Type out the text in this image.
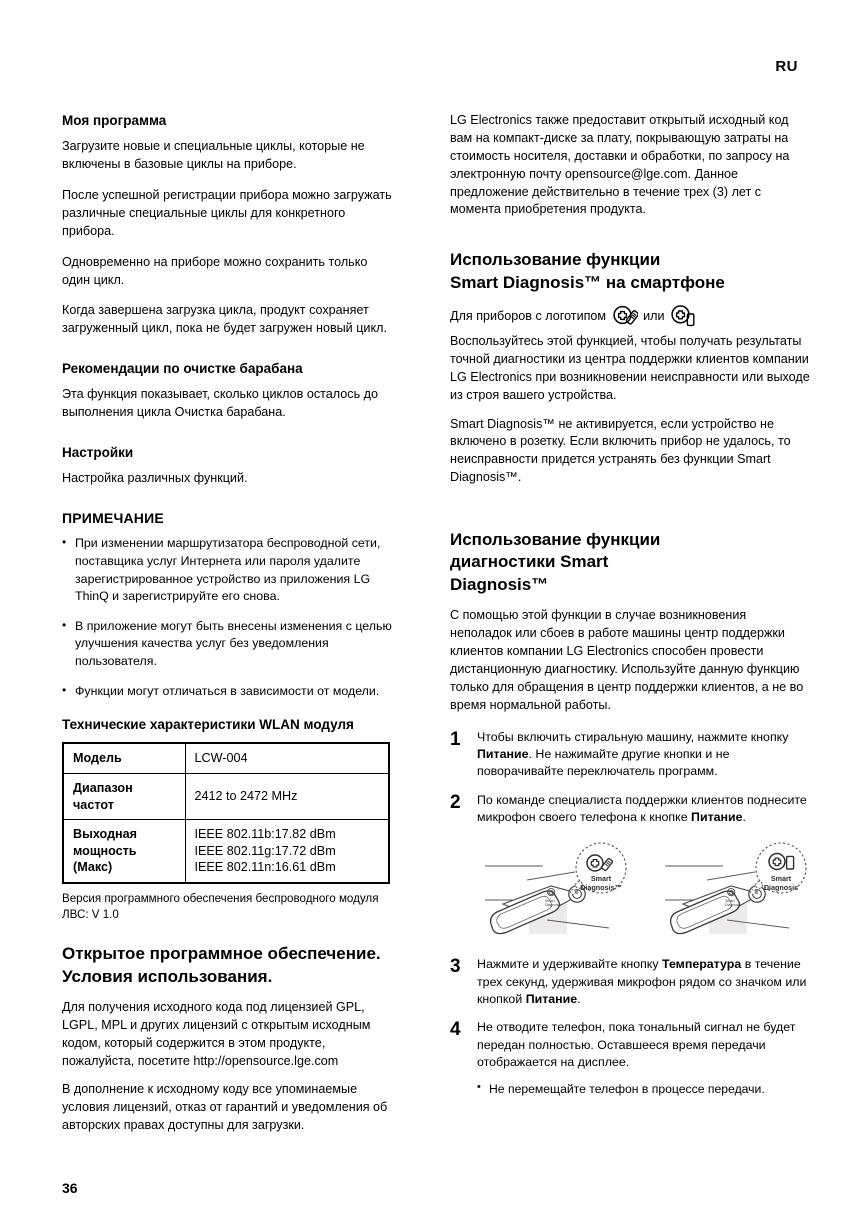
RU
Моя программа

Загрузите новые и специальные циклы, которые не включены в базовые циклы на приборе.

После успешной регистрации прибора можно загружать различные специальные циклы для конкретного прибора.

Одновременно на приборе можно сохранить только один цикл.

Когда завершена загрузка цикла, продукт сохраняет загруженный цикл, пока не будет загружен новый цикл.

Рекомендации по очистке барабана

Эта функция показывает, сколько циклов осталось до выполнения цикла Очистка барабана.

Настройки

Настройка различных функций.

ПРИМЕЧАНИЕ
• При изменении маршрутизатора беспроводной сети, поставщика услуг Интернета или пароля удалите зарегистрированное устройство из приложения LG ThinQ и зарегистрируйте его снова.
• В приложение могут быть внесены изменения с целью улучшения качества услуг без уведомления пользователя.
• Функции могут отличаться в зависимости от модели.
Технические характеристики WLAN модуля
Модель	LCW-004

Диапазон частот	2412 to 2472 MHz

Выходная мощность (Макс)	IEEE 802.11b:17.82 dBm
IEEE 802.11g:17.72 dBm
IEEE 802.11n:16.61 dBm

Версия программного обеспечения беспроводного модуля ЛВС: V 1.0

Открытое программное обеспечение.
Условия использования.

Для получения исходного кода под лицензией GPL, LGPL, MPL и других лицензий с открытым исходным кодом, который содержится в этом продукте, пожалуйста, посетите http://opensource.lge.com

В дополнение к исходному коду все упоминаемые условия лицензий, отказ от гарантий и уведомления об авторских правах доступны для загрузки.

LG Electronics также предоставит открытый исходный код вам на компакт-диске за плату, покрывающую затраты на стоимость носителя, доставки и обработки, по запросу на электронную почту opensource@lge.com. Данное предложение действительно в течение трех (3) лет с момента приобретения продукта.

Использование функции
Smart Diagnosis™ на смартфоне

Для приборов с логотипом	или
Воспользуйтесь этой функцией, чтобы получать результаты точной диагностики из центра поддержки клиентов компании LG Electronics при возникновении неисправности или выходе из строя вашего устройства.

Smart Diagnosis™ не активируется, если устройство не включено в розетку. Если включить прибор не удалось, то неисправности придется устранять без функции Smart Diagnosis™.

Использование функции
диагностики Smart
Diagnosis™

С помощью этой функции в случае возникновения неполадок или сбоев в работе машины центр поддержки клиентов компании LG Electronics способен провести дистанционную диагностику. Используйте данную функцию только для обращения в центр поддержки клиентов, а не во время нормальной работы.

1 Чтобы включить стиральную машину, нажмите кнопку Питание. Не нажимайте другие кнопки и не поворачивайте переключатель программ.
2 По команде специалиста поддержки клиентов поднесите микрофон своего телефона к кнопке Питание.
Smart
Diagnosis™
Smart
Diagnosis
3 Нажмите и удерживайте кнопку Температура в течение трех секунд, удерживая микрофон рядом со значком или кнопкой Питание.
4 Не отводите телефон, пока тональный сигнал не будет передан полностью. Оставшееся время передачи отображается на дисплее.
• Не перемещайте телефон в процессе передачи.
36
